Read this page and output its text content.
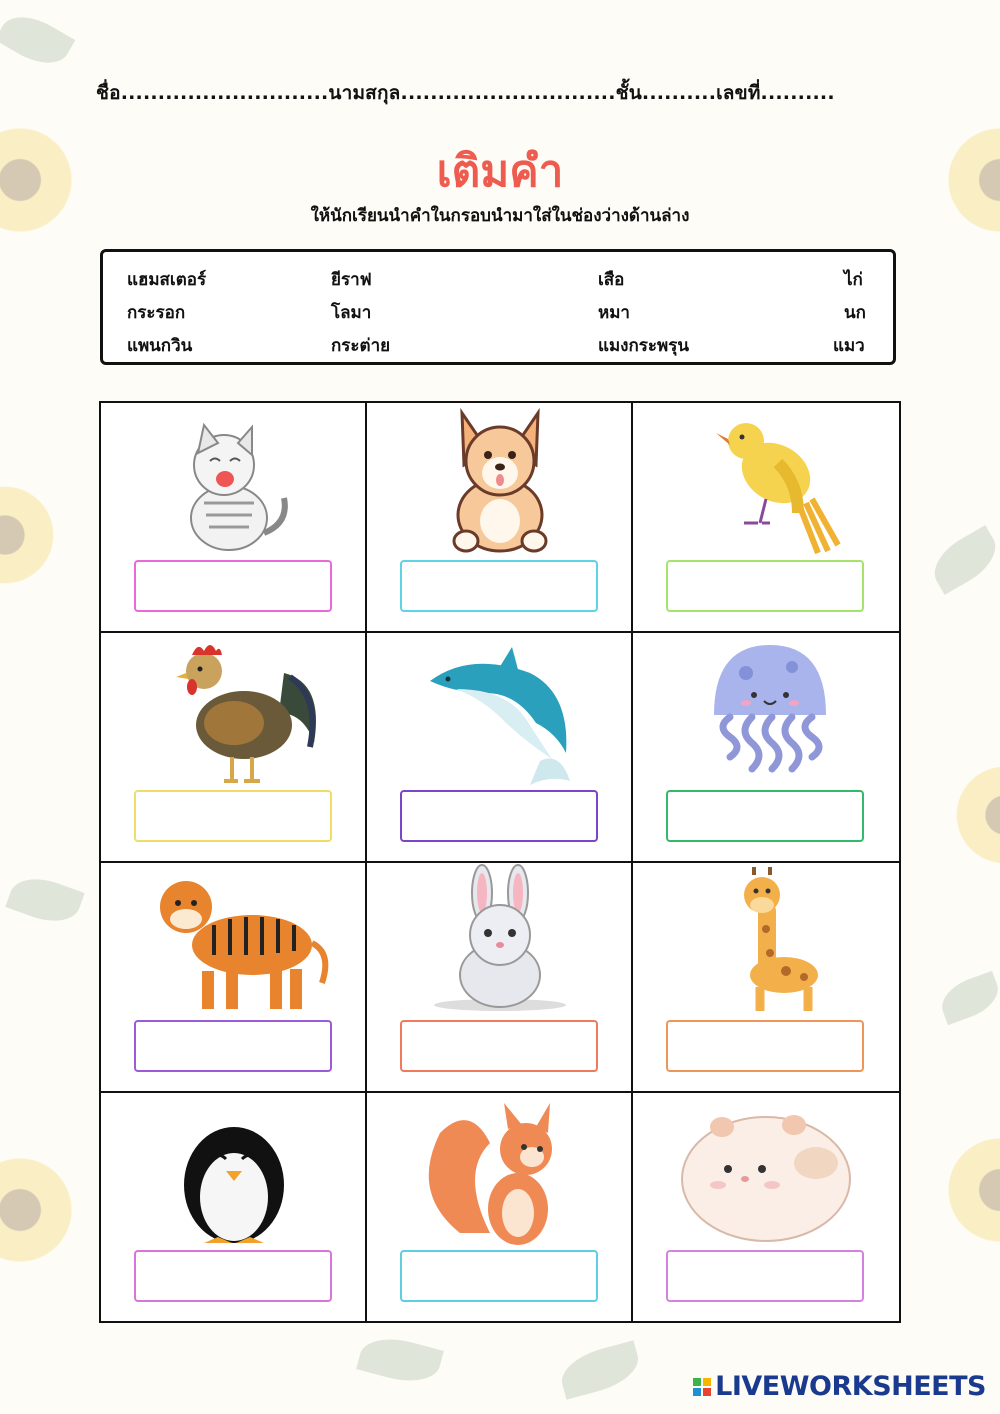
ชื่อ............................นามสกุล.............................ชั้น..........เลขที่..........
เติมคำ
ให้นักเรียนนำคำในกรอบนำมาใส่ในช่องว่างด้านล่าง
แฮมสเตอร์	ยีราฟ	เสือ	ไก่
กระรอก	โลมา	หมา	นก
แพนกวิน	กระต่าย	แมงกระพรุน	แมว
LIVEWORKSHEETS
